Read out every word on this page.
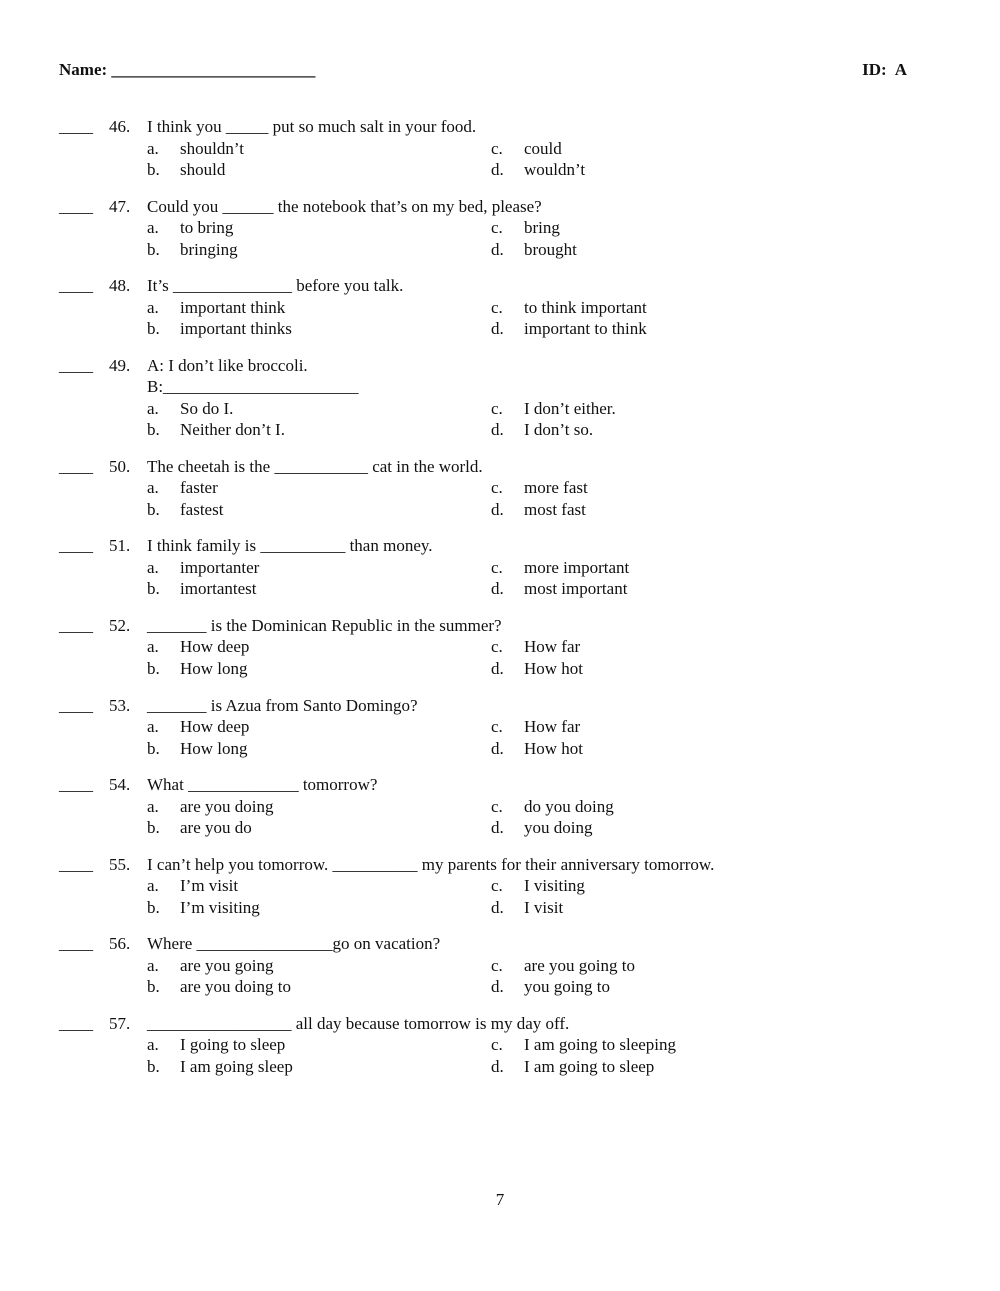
Name: ________________________	ID: A
____ 46. I think you _____ put so much salt in your food.
a. shouldn’t	c. could
b. should	d. wouldn’t
____ 47. Could you ______ the notebook that’s on my bed, please?
a. to bring	c. bring
b. bringing	d. brought
____ 48. It’s ______________ before you talk.
a. important think	c. to think important
b. important thinks	d. important to think
____ 49. A: I don’t like broccoli.
B:_______________________
a. So do I.	c. I don’t either.
b. Neither don’t I.	d. I don’t so.
____ 50. The cheetah is the ___________ cat in the world.
a. faster	c. more fast
b. fastest	d. most fast
____ 51. I think family is __________ than money.
a. importanter	c. more important
b. imortantest	d. most important
____ 52. _______ is the Dominican Republic in the summer?
a. How deep	c. How far
b. How long	d. How hot
____ 53. _______ is Azua from Santo Domingo?
a. How deep	c. How far
b. How long	d. How hot
____ 54. What _____________ tomorrow?
a. are you doing	c. do you doing
b. are you do	d. you doing
____ 55. I can’t help you tomorrow. __________ my parents for their anniversary tomorrow.
a. I’m visit	c. I visiting
b. I’m visiting	d. I visit
____ 56. Where ________________go on vacation?
a. are you going	c. are you going to
b. are you doing to	d. you going to
____ 57. _________________ all day because tomorrow is my day off.
a. I going to sleep	c. I am going to sleeping
b. I am going sleep	d. I am going to sleep
7
